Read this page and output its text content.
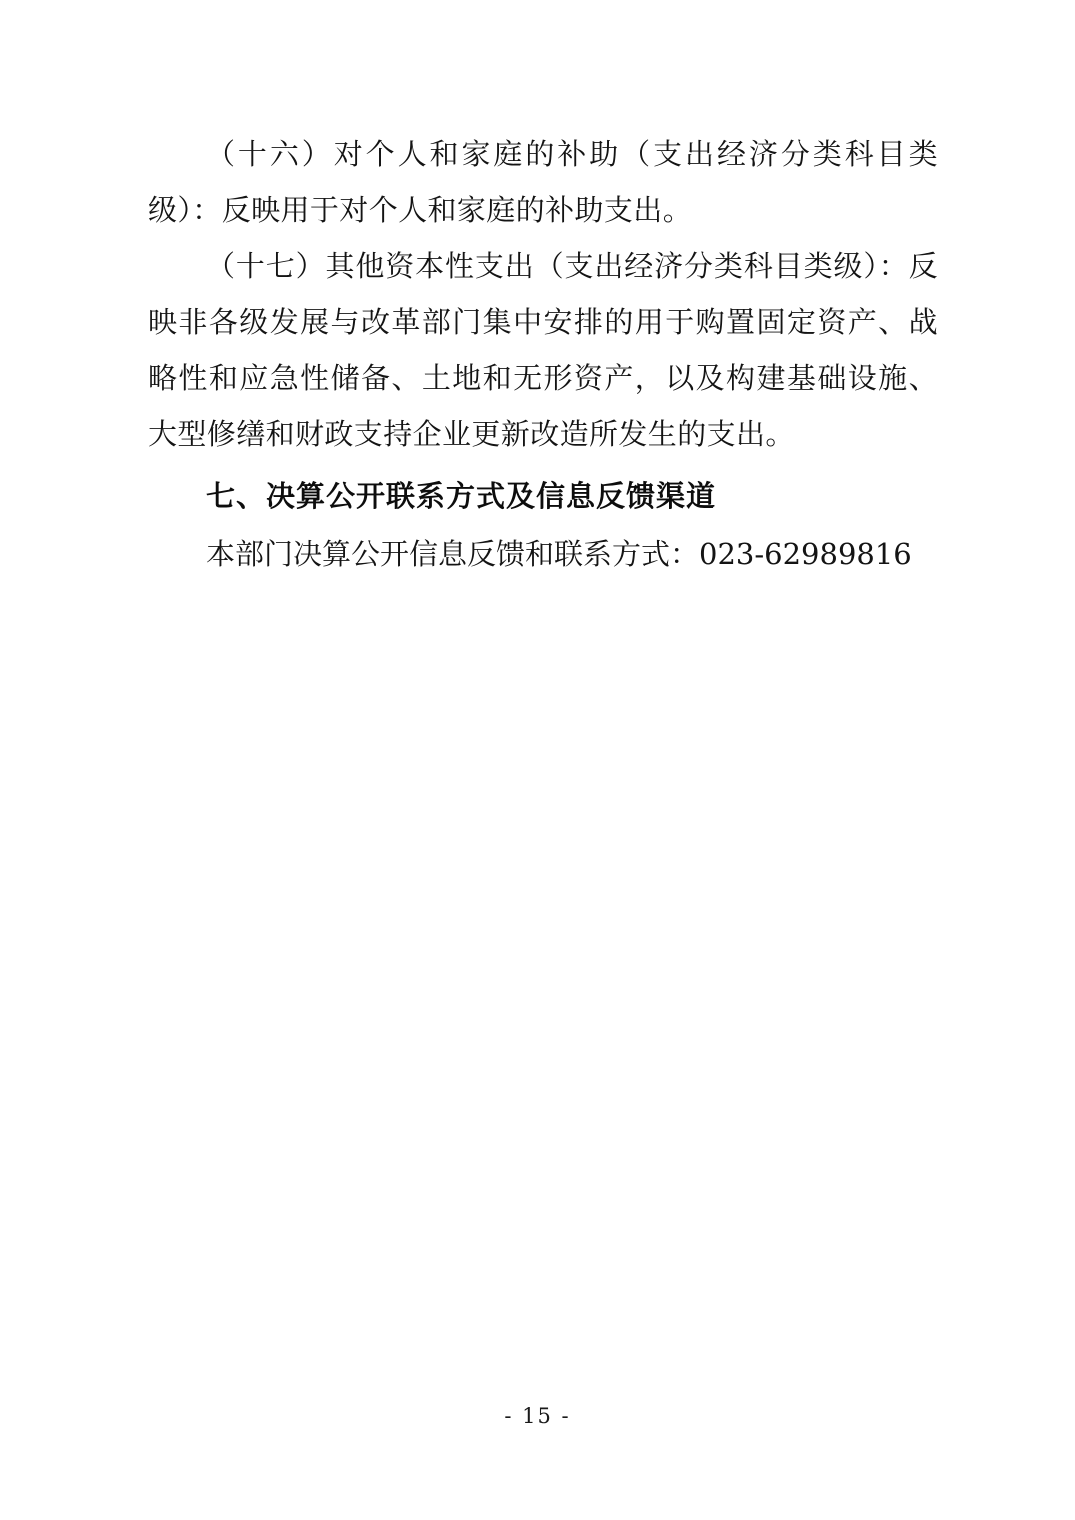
（十六）对个人和家庭的补助（支出经济分类科目类级）：反映用于对个人和家庭的补助支出。

（十七）其他资本性支出（支出经济分类科目类级）：反映非各级发展与改革部门集中安排的用于购置固定资产、战略性和应急性储备、土地和无形资产，以及构建基础设施、大型修缮和财政支持企业更新改造所发生的支出。

七、决算公开联系方式及信息反馈渠道

本部门决算公开信息反馈和联系方式：023-62989816

- 15 -
